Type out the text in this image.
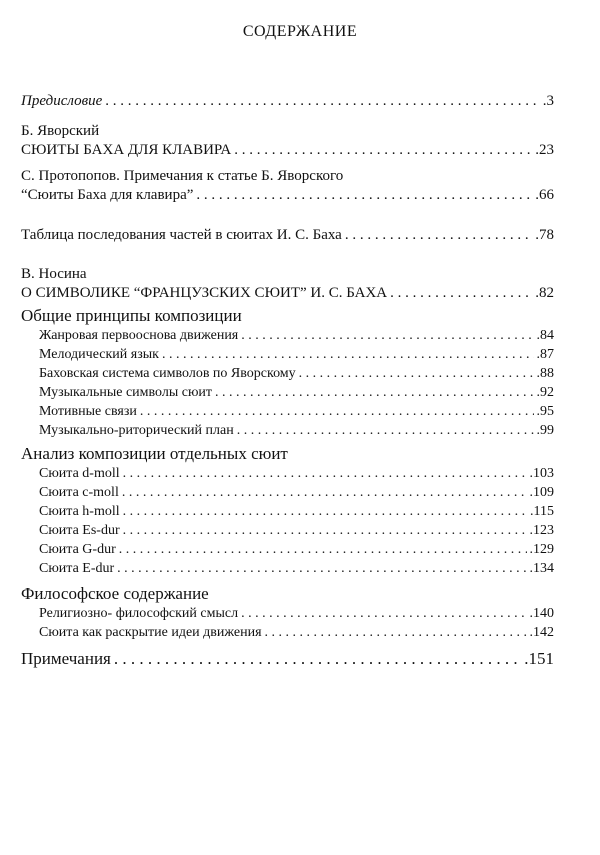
СОДЕРЖАНИЕ
Предисловие . . .	.3
Б. Яворский
СЮИТЫ БАХА ДЛЯ КЛАВИРА . . .	.23
С. Протопопов. Примечания к статье Б. Яворского
“Сюиты Баха для клавира” . . .	.66
Таблица последования частей в сюитах И. С. Баха . . .	.78
В. Носина
О СИМВОЛИКЕ “ФРАНЦУЗСКИХ СЮИТ” И. С. БАХА . . .	.82
Общие принципы композиции
Жанровая первооснова движения . . .	.84
Мелодический язык . . .	.87
Баховская система символов по Яворскому . . .	.88
Музыкальные символы сюит . . .	.92
Мотивные связи . . .	.95
Музыкально-риторический план . . .	.99
Анализ композиции отдельных сюит
Сюита d-moll . . .	.103
Сюита c-moll . . .	.109
Сюита h-moll . . .	.115
Сюита Es-dur . . .	.123
Сюита G-dur . . .	.129
Сюита E-dur . . .	.134
Философское содержание
Религиозно- философский смысл . . .	.140
Сюита как раскрытие идеи движения . . .	.142
Примечания . . .	.151
